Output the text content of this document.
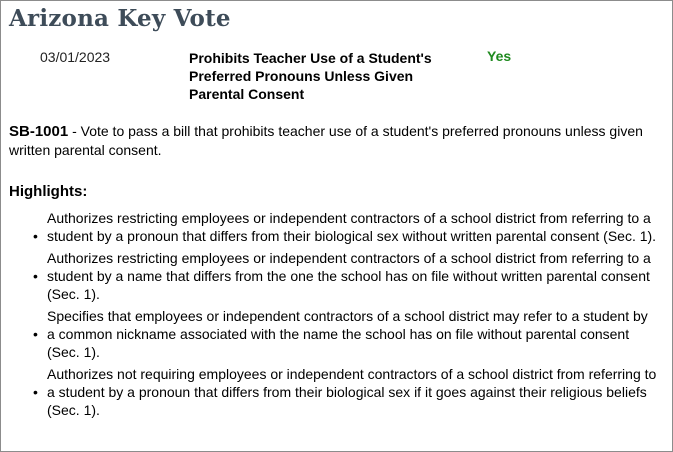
Arizona Key Vote
03/01/2023	Prohibits Teacher Use of a Student's Preferred Pronouns Unless Given Parental Consent
Yes
SB-1001 - Vote to pass a bill that prohibits teacher use of a student's preferred pronouns unless given written parental consent.
Highlights:
•
Authorizes restricting employees or independent contractors of a school district from referring to a student by a pronoun that differs from their biological sex without written parental consent (Sec. 1).
•
Authorizes restricting employees or independent contractors of a school district from referring to a student by a name that differs from the one the school has on file without written parental consent (Sec. 1).
•
Specifies that employees or independent contractors of a school district may refer to a student by a common nickname associated with the name the school has on file without parental consent (Sec. 1).
•
Authorizes not requiring employees or independent contractors of a school district from referring to a student by a pronoun that differs from their biological sex if it goes against their religious beliefs (Sec. 1).
